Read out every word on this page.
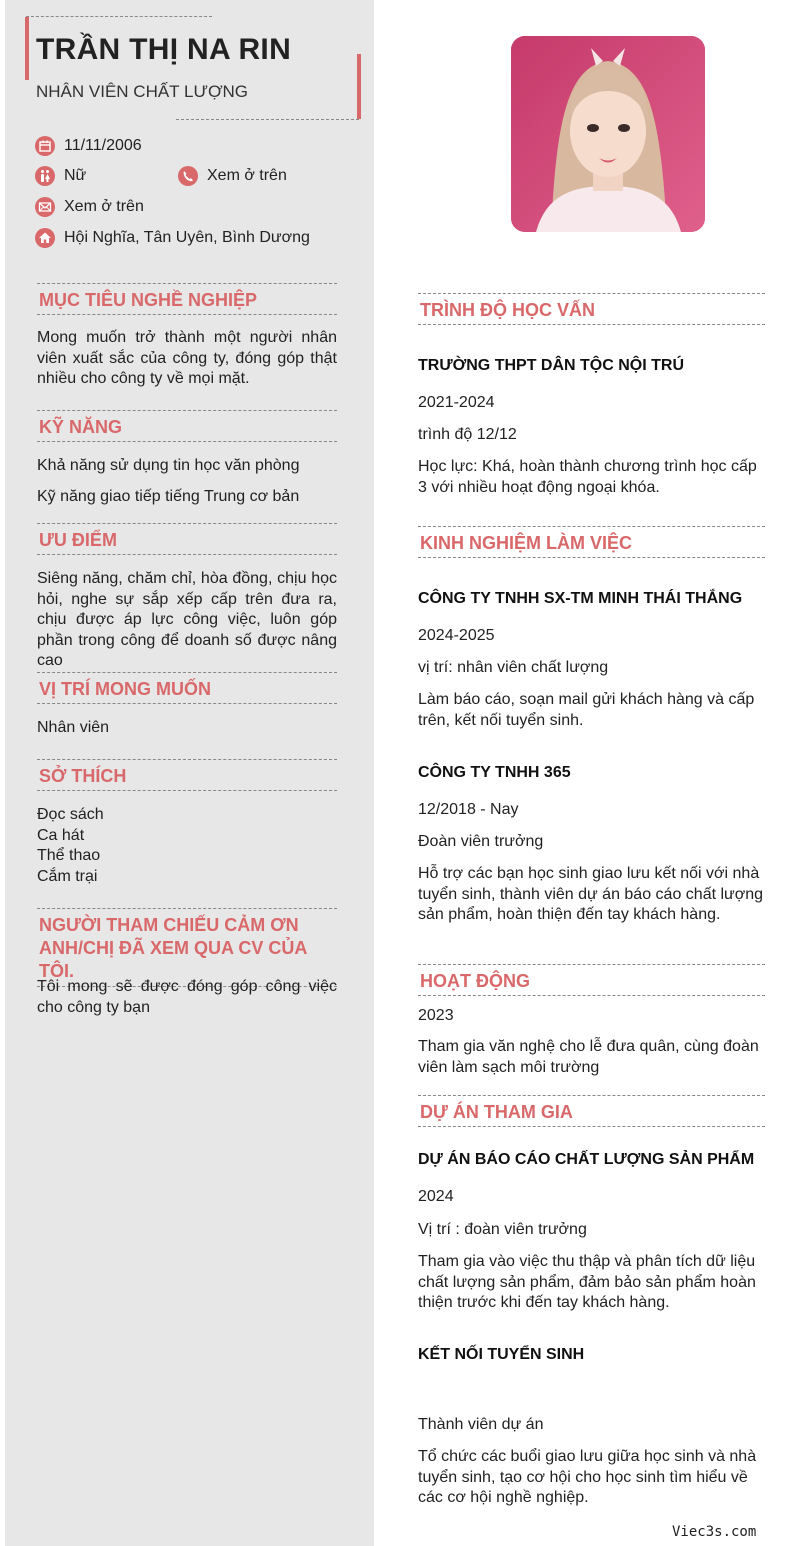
TRẦN THỊ NA RIN
NHÂN VIÊN CHẤT LƯỢNG
11/11/2006
Nữ	Xem ở trên
Xem ở trên
Hội Nghĩa, Tân Uyên, Bình Dương
MỤC TIÊU NGHỀ NGHIỆP
Mong muốn trở thành một người nhân viên xuất sắc của công ty, đóng góp thật nhiều cho công ty về mọi mặt.
KỸ NĂNG
Khả năng sử dụng tin học văn phòng
Kỹ năng giao tiếp tiếng Trung cơ bản
ƯU ĐIỂM
Siêng năng, chăm chỉ, hòa đồng, chịu học hỏi, nghe sự sắp xếp cấp trên đưa ra, chịu được áp lực công việc, luôn góp phần trong công để doanh số được nâng cao
VỊ TRÍ MONG MUỐN
Nhân viên
SỞ THÍCH
Đọc sách
Ca hát
Thể thao
Cắm trại
NGƯỜI THAM CHIẾU CẢM ƠN ANH/CHỊ ĐÃ XEM QUA CV CỦA TÔI.
Tôi mong sẽ được đóng góp công việc cho công ty bạn
TRÌNH ĐỘ HỌC VẤN
TRƯỜNG THPT DÂN TỘC NỘI TRÚ
2021-2024
trình độ 12/12
Học lực: Khá, hoàn thành chương trình học cấp 3 với nhiều hoạt động ngoại khóa.
KINH NGHIỆM LÀM VIỆC
CÔNG TY TNHH SX-TM MINH THÁI THẮNG
2024-2025
vị trí: nhân viên chất lượng
Làm báo cáo, soạn mail gửi khách hàng và cấp trên, kết nối tuyển sinh.
CÔNG TY TNHH 365
12/2018 - Nay
Đoàn viên trưởng
Hỗ trợ các bạn học sinh giao lưu kết nối với nhà tuyển sinh, thành viên dự án báo cáo chất lượng sản phẩm, hoàn thiện đến tay khách hàng.
HOẠT ĐỘNG
2023
Tham gia văn nghệ cho lễ đưa quân, cùng đoàn viên làm sạch môi trường
DỰ ÁN THAM GIA
DỰ ÁN BÁO CÁO CHẤT LƯỢNG SẢN PHẨM
2024
Vị trí : đoàn viên trưởng
Tham gia vào việc thu thập và phân tích dữ liệu chất lượng sản phẩm, đảm bảo sản phẩm hoàn thiện trước khi đến tay khách hàng.
KẾT NỐI TUYỂN SINH
Thành viên dự án
Tổ chức các buổi giao lưu giữa học sinh và nhà tuyển sinh, tạo cơ hội cho học sinh tìm hiểu về các cơ hội nghề nghiệp.
Viec3s.com
